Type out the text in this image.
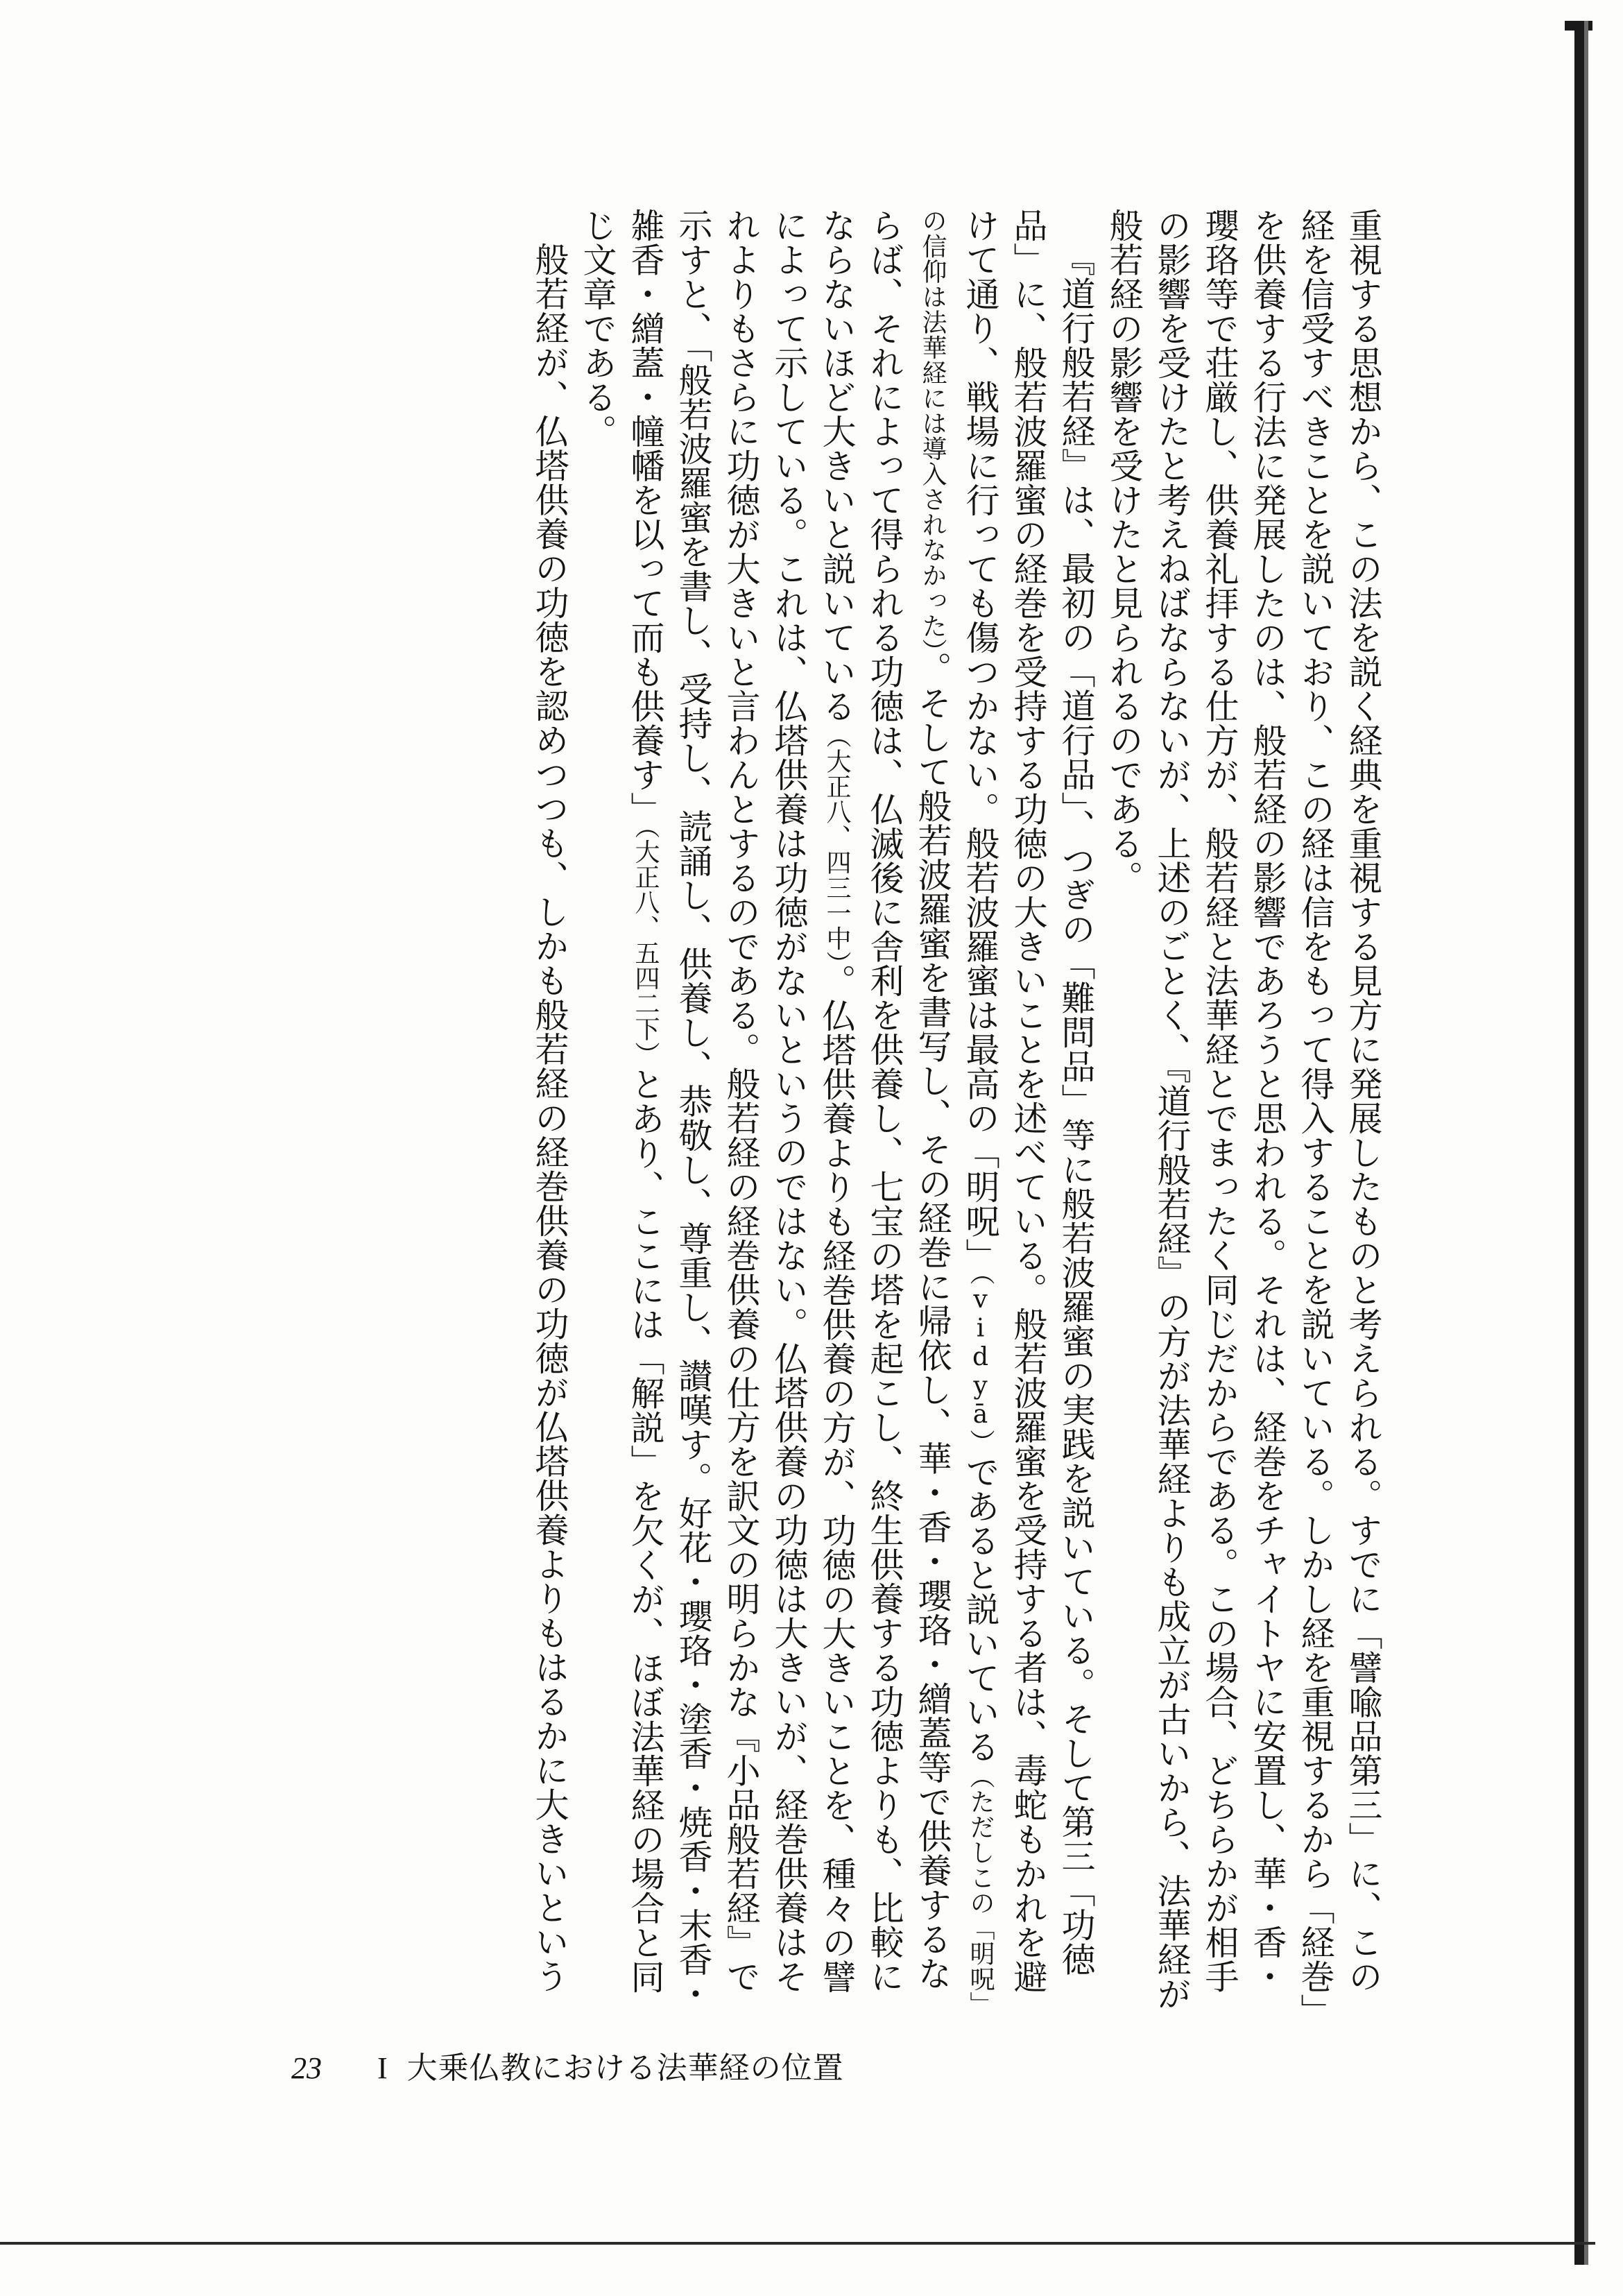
重視する思想から、この法を説く経典を重視する見方に発展したものと考えられる。すでに「譬喩品第三」に、この経を信受すべきことを説いており、この経は信をもって得入することを説いている。しかし経を重視するから「経巻」を供養する行法に発展したのは、般若経の影響であろうと思われる。それは、経巻をチャイトヤに安置し、華・香・瓔珞等で荘厳し、供養礼拝する仕方が、般若経と法華経とでまったく同じだからである。この場合、どちらかが相手の影響を受けたと考えねばならないが、上述のごとく、『道行般若経』の方が法華経よりも成立が古いから、法華経が般若経の影響を受けたと見られるのである。

『道行般若経』は、最初の「道行品」、つぎの「難問品」等に般若波羅蜜の実践を説いている。そして第三「功徳品」に、般若波羅蜜の経巻を受持する功徳の大きいことを述べている。般若波羅蜜を受持する者は、毒蛇もかれを避けて通り、戦場に行っても傷つかない。般若波羅蜜は最高の「明呪」（vidyā）であると説いている（ただしこの「明呪」の信仰は法華経には導入されなかった）。そして般若波羅蜜を書写し、その経巻に帰依し、華・香・瓔珞・繒蓋等で供養するならば、それによって得られる功徳は、仏滅後に舎利を供養し、七宝の塔を起こし、終生供養する功徳よりも、比較にならないほど大きいと説いている（大正八、四三一中）。仏塔供養よりも経巻供養の方が、功徳の大きいことを、種々の譬によって示している。これは、仏塔供養は功徳がないというのではない。仏塔供養の功徳は大きいが、経巻供養はそれよりもさらに功徳が大きいと言わんとするのである。般若経の経巻供養の仕方を訳文の明らかな『小品般若経』で示すと、「般若波羅蜜を書し、受持し、読誦し、供養し、恭敬し、尊重し、讃嘆す。好花・瓔珞・塗香・焼香・末香・雑香・繒蓋・幢幡を以って而も供養す」（大正八、五四二下）とあり、ここには「解説」を欠くが、ほぼ法華経の場合と同じ文章である。

般若経が、仏塔供養の功徳を認めつつも、しかも般若経の経巻供養の功徳が仏塔供養よりもはるかに大きいという

23 I 大乗仏教における法華経の位置
